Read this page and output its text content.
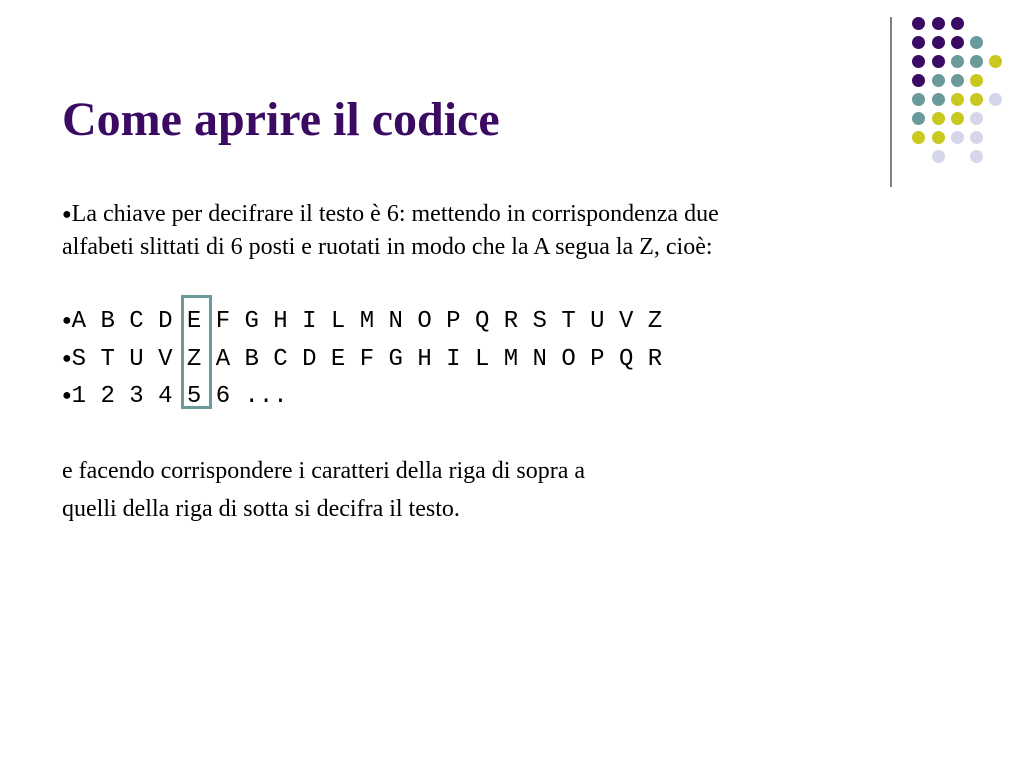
Come aprire il codice

●La chiave per decifrare il testo è 6: mettendo in corrispondenza due

alfabeti slittati di 6 posti e ruotati in modo che la A segua la Z, cioè:

●A B C D E F G H I L M N O P Q R S T U V Z
●S T U V Z A B C D E F G H I L M N O P Q R
●1 2 3 4 5 6 ...

e facendo corrispondere i caratteri della riga di sopra a

quelli della riga di sotta si decifra il testo.
